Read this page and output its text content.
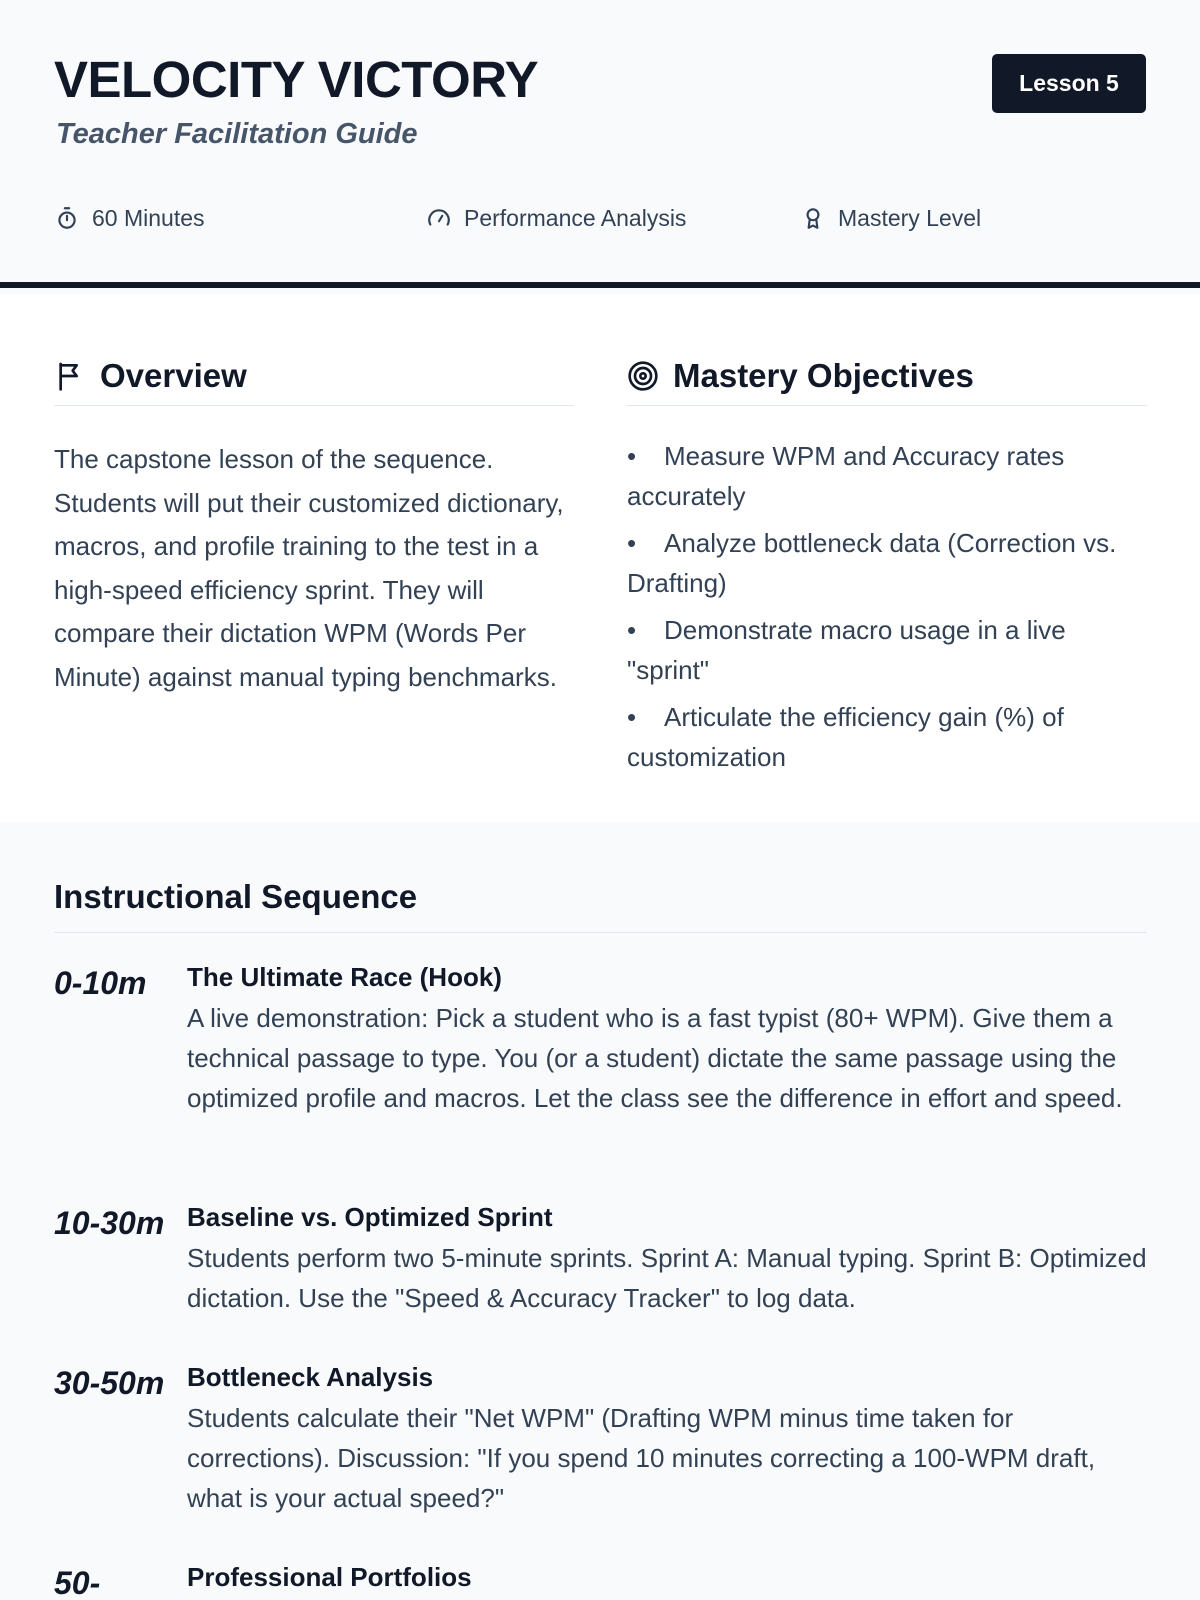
VELOCITY VICTORY
Teacher Facilitation Guide
Lesson 5
60 Minutes	Performance Analysis	Mastery Level
Overview

The capstone lesson of the sequence. Students will put their customized dictionary, macros, and profile training to the test in a high-speed efficiency sprint. They will compare their dictation WPM (Words Per Minute) against manual typing benchmarks.

Mastery Objectives
• Measure WPM and Accuracy rates accurately
• Analyze bottleneck data (Correction vs. Drafting)
• Demonstrate macro usage in a live "sprint"
• Articulate the efficiency gain (%) of customization
Instructional Sequence
0-10m	The Ultimate Race (Hook)
A live demonstration: Pick a student who is a fast typist (80+ WPM). Give them a technical passage to type. You (or a student) dictate the same passage using the optimized profile and macros. Let the class see the difference in effort and speed.
10-30m Baseline vs. Optimized Sprint
Students perform two 5-minute sprints. Sprint A: Manual typing. Sprint B: Optimized dictation. Use the "Speed & Accuracy Tracker" to log data.
30-50m Bottleneck Analysis
Students calculate their "Net WPM" (Drafting WPM minus time taken for corrections). Discussion: "If you spend 10 minutes correcting a 100-WPM draft, what is your actual speed?"
50-	Professional Portfolios
